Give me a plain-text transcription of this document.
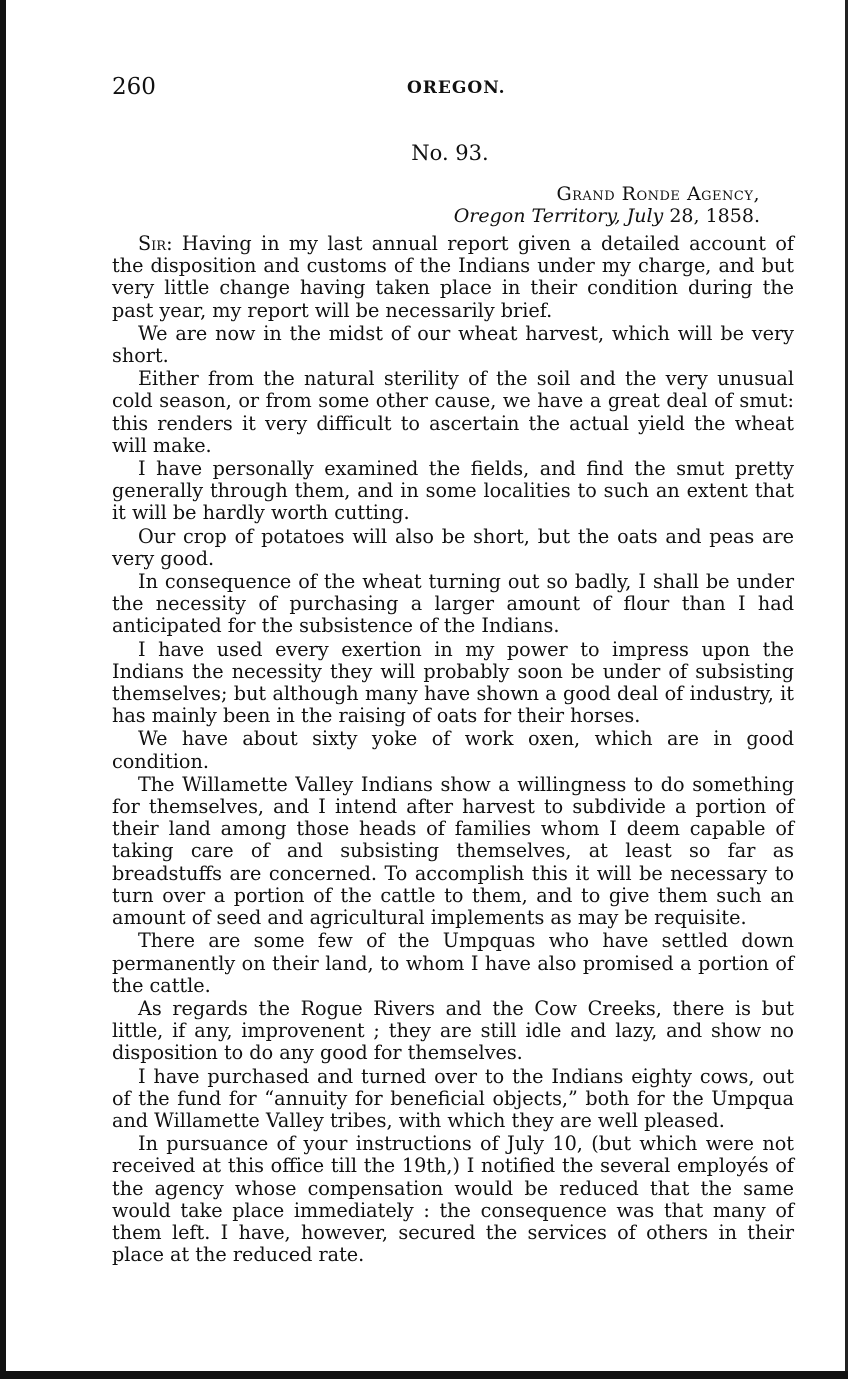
260	OREGON.
No. 93.
Grand Ronde Agency,
Oregon Territory, July 28, 1858.

Sir: Having in my last annual report given a detailed account of the disposition and customs of the Indians under my charge, and but very little change having taken place in their condition during the past year, my report will be necessarily brief.

We are now in the midst of our wheat harvest, which will be very short.

Either from the natural sterility of the soil and the very unusual cold season, or from some other cause, we have a great deal of smut: this renders it very difficult to ascertain the actual yield the wheat will make.

I have personally examined the fields, and find the smut pretty generally through them, and in some localities to such an extent that it will be hardly worth cutting.

Our crop of potatoes will also be short, but the oats and peas are very good.

In consequence of the wheat turning out so badly, I shall be under the necessity of purchasing a larger amount of flour than I had anticipated for the subsistence of the Indians.

I have used every exertion in my power to impress upon the Indians the necessity they will probably soon be under of subsisting themselves; but although many have shown a good deal of industry, it has mainly been in the raising of oats for their horses.

We have about sixty yoke of work oxen, which are in good condition.

The Willamette Valley Indians show a willingness to do something for themselves, and I intend after harvest to subdivide a portion of their land among those heads of families whom I deem capable of taking care of and subsisting themselves, at least so far as breadstuffs are concerned. To accomplish this it will be necessary to turn over a portion of the cattle to them, and to give them such an amount of seed and agricultural implements as may be requisite.

There are some few of the Umpquas who have settled down permanently on their land, to whom I have also promised a portion of the cattle.

As regards the Rogue Rivers and the Cow Creeks, there is but little, if any, improvenent ; they are still idle and lazy, and show no disposition to do any good for themselves.

I have purchased and turned over to the Indians eighty cows, out of the fund for “annuity for beneficial objects,” both for the Umpqua and Willamette Valley tribes, with which they are well pleased.

In pursuance of your instructions of July 10, (but which were not received at this office till the 19th,) I notified the several employés of the agency whose compensation would be reduced that the same would take place immediately : the consequence was that many of them left. I have, however, secured the services of others in their place at the reduced rate.
